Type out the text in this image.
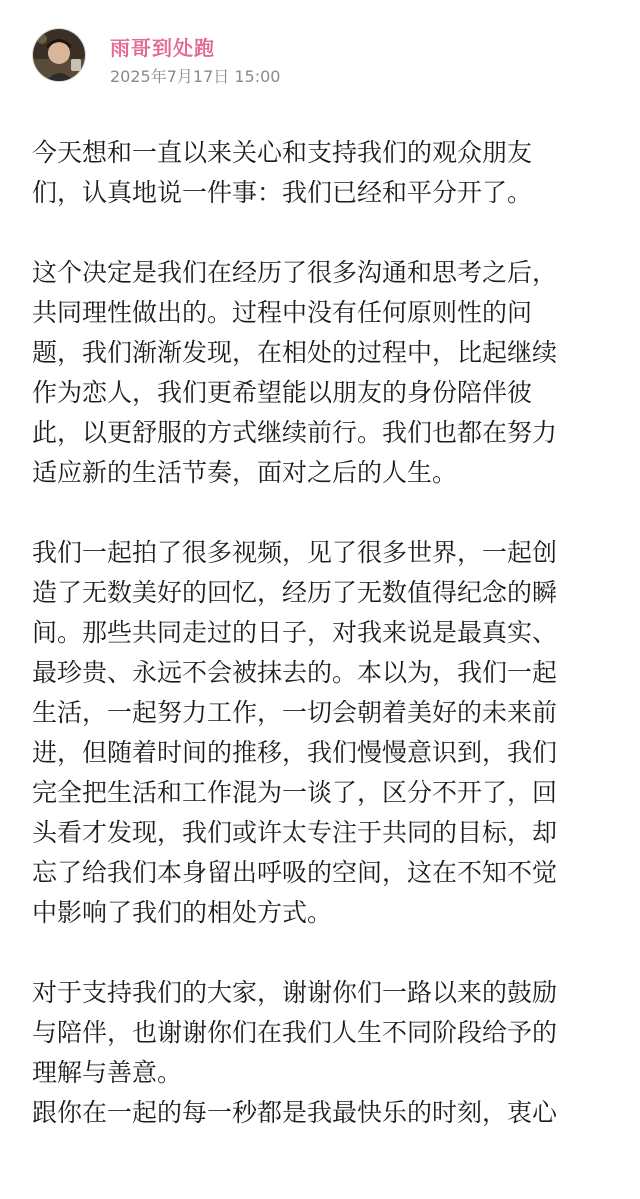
雨哥到处跑
2025年7月17日 15:00
今天想和一直以来关心和支持我们的观众朋友
们，认真地说一件事：我们已经和平分开了。
这个决定是我们在经历了很多沟通和思考之后，
共同理性做出的。过程中没有任何原则性的问
题，我们渐渐发现，在相处的过程中，比起继续
作为恋人，我们更希望能以朋友的身份陪伴彼
此，以更舒服的方式继续前行。我们也都在努力
适应新的生活节奏，面对之后的人生。
我们一起拍了很多视频，见了很多世界，一起创
造了无数美好的回忆，经历了无数值得纪念的瞬
间。那些共同走过的日子，对我来说是最真实、
最珍贵、永远不会被抹去的。本以为，我们一起
生活，一起努力工作，一切会朝着美好的未来前
进，但随着时间的推移，我们慢慢意识到，我们
完全把生活和工作混为一谈了，区分不开了，回
头看才发现，我们或许太专注于共同的目标，却
忘了给我们本身留出呼吸的空间，这在不知不觉
中影响了我们的相处方式。
对于支持我们的大家，谢谢你们一路以来的鼓励
与陪伴，也谢谢你们在我们人生不同阶段给予的
理解与善意。
跟你在一起的每一秒都是我最快乐的时刻，衷心
